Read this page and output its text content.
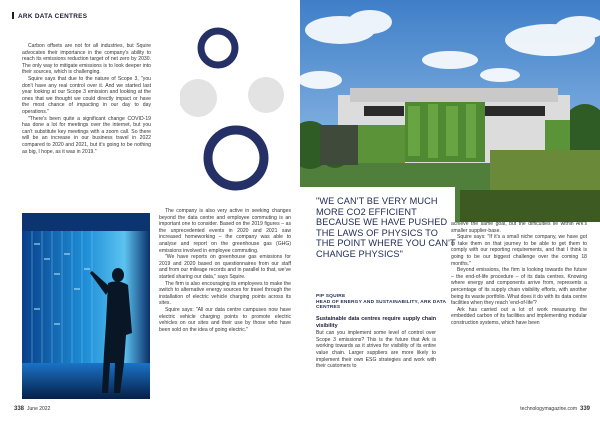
ARK DATA CENTRES

Carbon offsets are not for all industries, but Squire advocates their importance in the company's ability to reach its emissions reduction target of net zero by 2030. The only way to mitigate emissions is to look deeper into their sources, which is challenging.

Squire says that due to the nature of Scope 3, "you don't have any real control over it. And we started last year looking at our Scope 3 emission and looking at the ones that we thought we could directly impact or have the most chance of impacting in our day to day operations."

"There's been quite a significant change COVID-19 has done a lot for meetings over the internet, but you can't substitute key meetings with a zoom call. So there will be an increase in our business travel in 2022 compared to 2020 and 2021, but it's going to be nothing as big, I hope, as it was in 2019."

The company is also very active in seeking changes beyond the data centre and employee commuting is an important one to consider. Based on the 2019 figures – as the unprecedented events in 2020 and 2021 saw increased homeworking – the company was able to analyse and report on the greenhouse gas (GHG) emissions involved in employee commuting.

"We have reports on greenhouse gas emissions for 2019 and 2020 based on questionnaires from our staff and from our mileage records and in parallel to that, we've started sharing our data," says Squire.

The firm is also encouraging its employees to make the switch to alternative energy sources for travel through the installation of electric vehicle charging points across its sites.

Squire says: "All our data centre campuses now have electric vehicle charging points to promote electric vehicles on our sites and their use by those who have been sold on the idea of going electric."

"WE CAN'T BE VERY MUCH MORE CO2 EFFICIENT BECAUSE WE HAVE PUSHED THE LAWS OF PHYSICS TO THE POINT WHERE YOU CAN'T CHANGE PHYSICS"
PIP SQUIRE
HEAD OF ENERGY AND SUSTAINABILITY, ARK DATA CENTRES
Sustainable data centres require supply chain visibility

But can you implement some level of control over Scope 3 emissions? This is the future that Ark is working towards as it strives for visibility of its entire value chain. Larger suppliers are more likely to implement their own ESG strategies and work with their customers to

achieve the same goal, but the difficulties lie within Ark's smaller supplier-base.

Squire says: "If it's a small niche company, we have got to take them on that journey to be able to get them to comply with our reporting requirements, and that I think is going to be our biggest challenge over the coming 18 months."

Beyond emissions, the firm is looking towards the future – the end-of-life procedure – of its data centres. Knowing where energy and components arrive from, represents a percentage of its supply chain visibility efforts, with another being its waste portfolio. What does it do with its data centre facilities when they reach 'end-of-life'?

Ark has carried out a lot of work measuring the embedded carbon of its facilities and implementing modular construction systems, which have been

338 June 2022	technologymagazine.com 339
